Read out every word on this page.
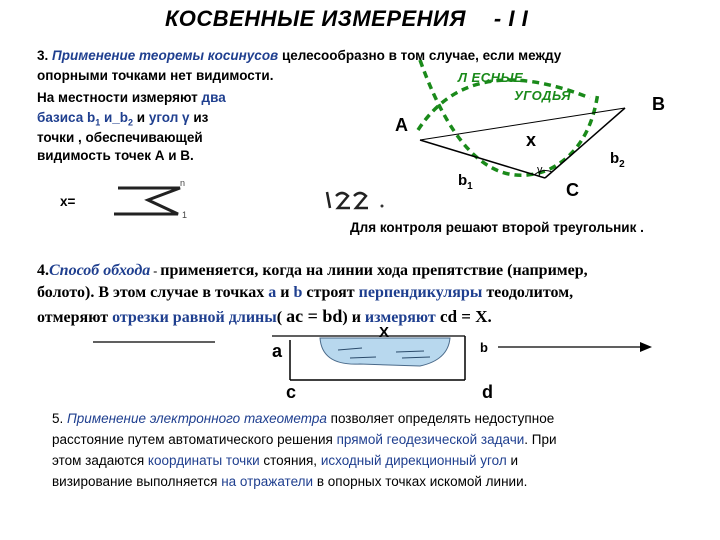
КОСВЕННЫЕ ИЗМЕРЕНИЯ - I I
n
1
3. Применение теоремы косинусов целесообразно в том случае, если между
опорными точками нет видимости.
На местности измеряют два
базиса $b_1$ $и\_b_2$ и угол γ из
точки , обеспечивающей
видимость точек А и В.
x=
Л ЕСНЫЕ
УГОДЬЯ
А
В
С
x
$b_1$
$b_2$
γ
Для контроля решают второй треугольник .
4.Способ обхода - применяется, когда на линии хода препятствие (например,
болото). В этом случае в точках а и b строят перпендикуляры теодолитом,
отмеряют отрезки равной длины( ac = bd) и измеряют cd = X.
a	b
c	d
X
5. Применение электронного тахеометра позволяет определять недоступное
расстояние путем автоматического решения прямой геодезической задачи. При
этом задаются координаты точки стояния, исходный дирекционный угол и
визирование выполняется на отражатели в опорных точках искомой линии.
